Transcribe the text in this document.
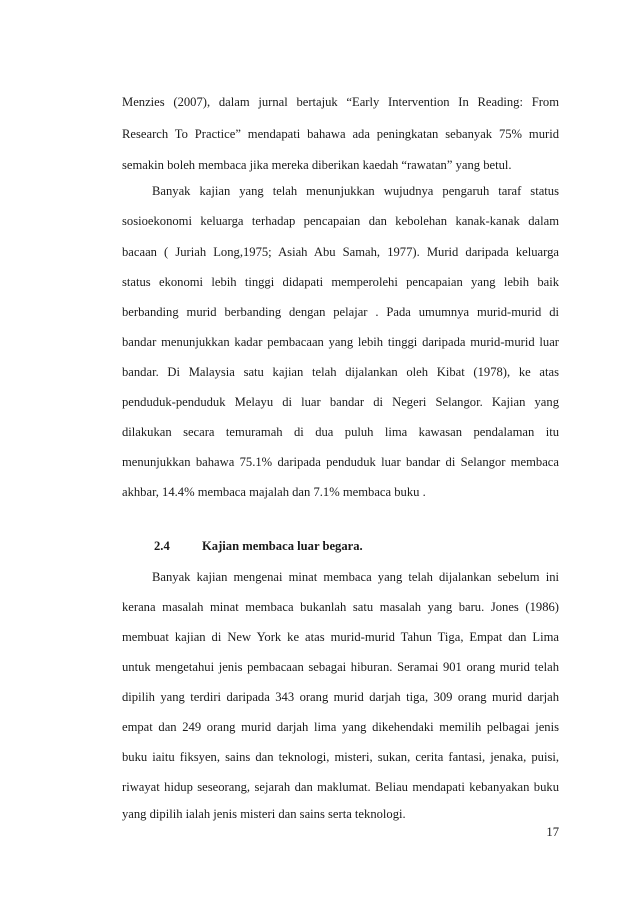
Menzies (2007), dalam jurnal bertajuk “Early Intervention In Reading: From
Research To Practice” mendapati bahawa ada peningkatan sebanyak 75% murid
semakin boleh membaca jika mereka diberikan kaedah “rawatan” yang betul.
Banyak kajian yang telah menunjukkan wujudnya pengaruh taraf status
sosioekonomi keluarga terhadap pencapaian dan kebolehan kanak-kanak dalam
bacaan ( Juriah Long,1975; Asiah Abu Samah, 1977). Murid daripada keluarga
status ekonomi lebih tinggi didapati memperolehi pencapaian yang lebih baik
berbanding murid berbanding dengan pelajar . Pada umumnya murid-murid di
bandar menunjukkan kadar pembacaan yang lebih tinggi daripada murid-murid luar
bandar. Di Malaysia satu kajian telah dijalankan oleh Kibat (1978), ke atas
penduduk-penduduk Melayu di luar bandar di Negeri Selangor. Kajian yang
dilakukan secara temuramah di dua puluh lima kawasan pendalaman itu
menunjukkan bahawa 75.1% daripada penduduk luar bandar di Selangor membaca
akhbar, 14.4% membaca majalah dan 7.1% membaca buku .
2.4	Kajian membaca luar begara.
Banyak kajian mengenai minat membaca yang telah dijalankan sebelum ini
kerana masalah minat membaca bukanlah satu masalah yang baru. Jones (1986)
membuat kajian di New York ke atas murid-murid Tahun Tiga, Empat dan Lima
untuk mengetahui jenis pembacaan sebagai hiburan. Seramai 901 orang murid telah
dipilih yang terdiri daripada 343 orang murid darjah tiga, 309 orang murid darjah
empat dan 249 orang murid darjah lima yang dikehendaki memilih pelbagai jenis
buku iaitu fiksyen, sains dan teknologi, misteri, sukan, cerita fantasi, jenaka, puisi,
riwayat hidup seseorang, sejarah dan maklumat. Beliau mendapati kebanyakan buku
yang dipilih ialah jenis misteri dan sains serta teknologi.
17
